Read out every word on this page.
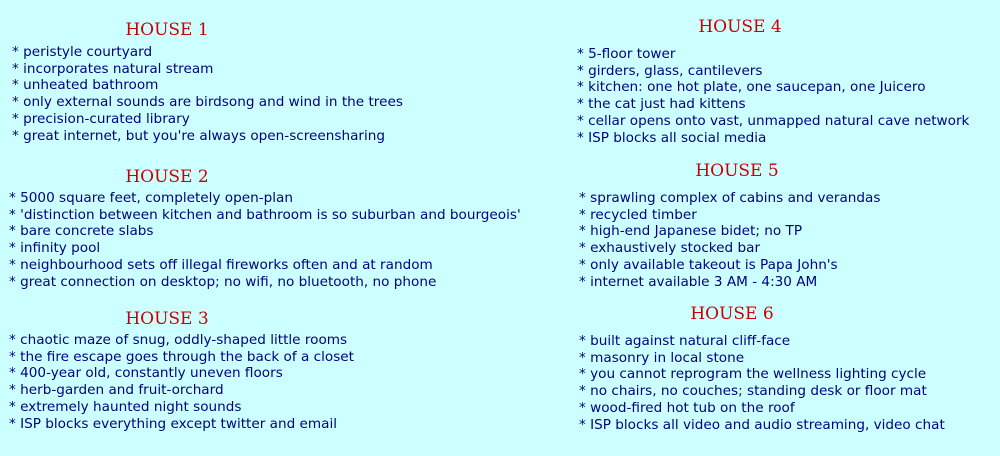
HOUSE 1
* peristyle courtyard
* incorporates natural stream
* unheated bathroom
* only external sounds are birdsong and wind in the trees
* precision-curated library
* great internet, but you're always open-screensharing
HOUSE 2
* 5000 square feet, completely open-plan
* 'distinction between kitchen and bathroom is so suburban and bourgeois'
* bare concrete slabs
* infinity pool
* neighbourhood sets off illegal fireworks often and at random
* great connection on desktop; no wifi, no bluetooth, no phone
HOUSE 3
* chaotic maze of snug, oddly-shaped little rooms
* the fire escape goes through the back of a closet
* 400-year old, constantly uneven floors
* herb-garden and fruit-orchard
* extremely haunted night sounds
* ISP blocks everything except twitter and email
HOUSE 4
* 5-floor tower
* girders, glass, cantilevers
* kitchen: one hot plate, one saucepan, one Juicero
* the cat just had kittens
* cellar opens onto vast, unmapped natural cave network
* ISP blocks all social media
HOUSE 5
* sprawling complex of cabins and verandas
* recycled timber
* high-end Japanese bidet; no TP
* exhaustively stocked bar
* only available takeout is Papa John's
* internet available 3 AM - 4:30 AM
HOUSE 6
* built against natural cliff-face
* masonry in local stone
* you cannot reprogram the wellness lighting cycle
* no chairs, no couches; standing desk or floor mat
* wood-fired hot tub on the roof
* ISP blocks all video and audio streaming, video chat
